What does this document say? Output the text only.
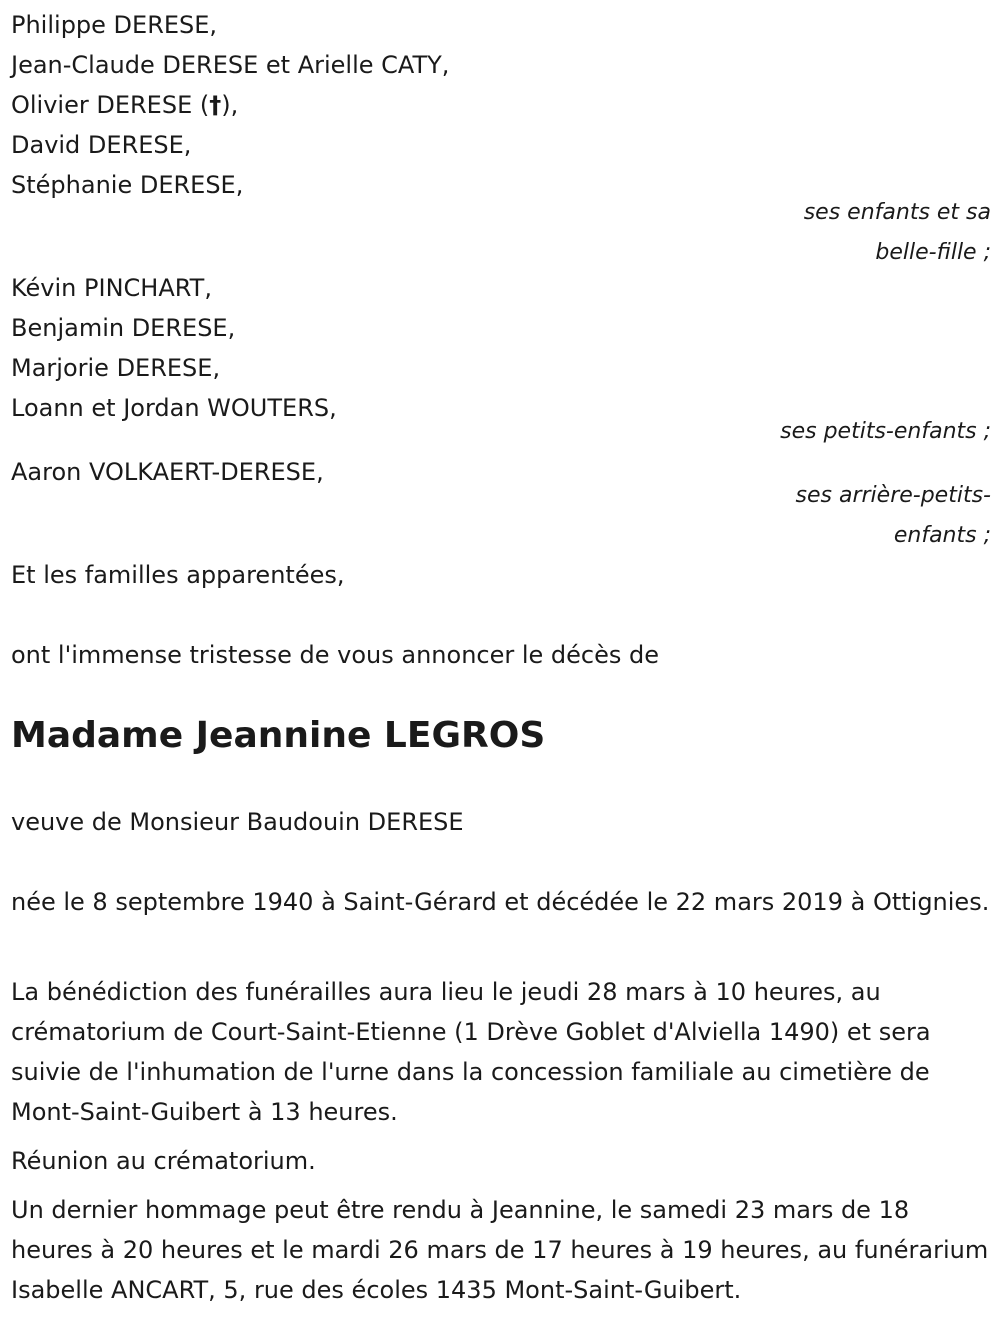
Philippe DERESE,
Jean-Claude DERESE et Arielle CATY,
Olivier DERESE (†),
David DERESE,
Stéphanie DERESE,
ses enfants et sa belle-fille ;
Kévin PINCHART,
Benjamin DERESE,
Marjorie DERESE,
Loann et Jordan WOUTERS,
ses petits-enfants ;
Aaron VOLKAERT-DERESE,
ses arrière-petits-enfants ;
Et les familles apparentées,
ont l'immense tristesse de vous annoncer le décès de
Madame Jeannine LEGROS
veuve de Monsieur Baudouin DERESE

née le 8 septembre 1940 à Saint-Gérard et décédée le 22 mars 2019 à Ottignies.

La bénédiction des funérailles aura lieu le jeudi 28 mars à 10 heures, au crématorium de Court-Saint-Etienne (1 Drève Goblet d'Alviella 1490) et sera suivie de l'inhumation de l'urne dans la concession familiale au cimetière de Mont-Saint-Guibert à 13 heures.

Réunion au crématorium.

Un dernier hommage peut être rendu à Jeannine, le samedi 23 mars de 18 heures à 20 heures et le mardi 26 mars de 17 heures à 19 heures, au funérarium Isabelle ANCART, 5, rue des écoles 1435 Mont-Saint-Guibert.
